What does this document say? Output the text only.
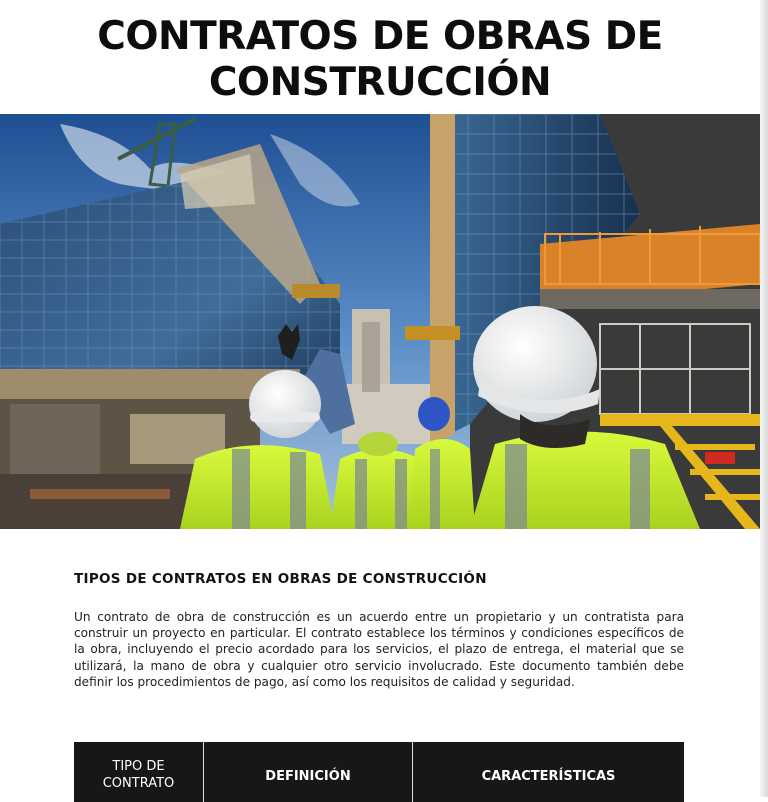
CONTRATOS DE OBRAS DE
CONSTRUCCIÓN
TIPOS DE CONTRATOS EN OBRAS DE CONSTRUCCIÓN

Un contrato de obra de construcción es un acuerdo entre un propietario y un contratista para construir un proyecto en particular. El contrato establece los términos y condiciones específicos de la obra, incluyendo el precio acordado para los servicios, el plazo de entrega, el material que se utilizará, la mano de obra y cualquier otro servicio involucrado. Este documento también debe definir los procedimientos de pago, así como los requisitos de calidad y seguridad.

TIPO DE
CONTRATO	DEFINICIÓN	CARACTERÍSTICAS
